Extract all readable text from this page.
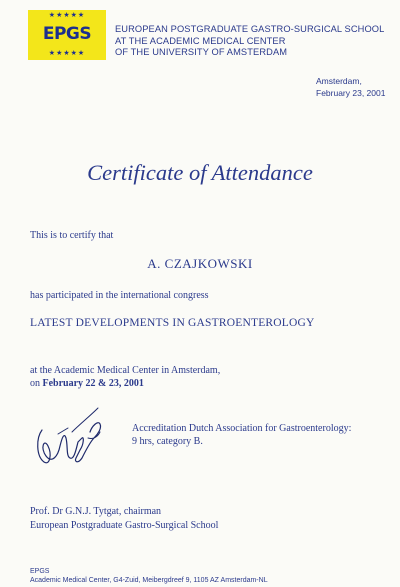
★★★★★
EPGS
★★★★★
EUROPEAN POSTGRADUATE GASTRO-SURGICAL SCHOOL
AT THE ACADEMIC MEDICAL CENTER
OF THE UNIVERSITY OF AMSTERDAM
Amsterdam,
February 23, 2001
Certificate of Attendance
This is to certify that
A. CZAJKOWSKI
has participated in the international congress
LATEST DEVELOPMENTS IN GASTROENTEROLOGY
at the Academic Medical Center in Amsterdam,
on February 22 & 23, 2001
Accreditation Dutch Association for Gastroenterology:
9 hrs, category B.
Prof. Dr G.N.J. Tytgat, chairman
European Postgraduate Gastro-Surgical School
EPGS
Academic Medical Center, G4-Zuid, Meibergdreef 9, 1105 AZ Amsterdam-NL
